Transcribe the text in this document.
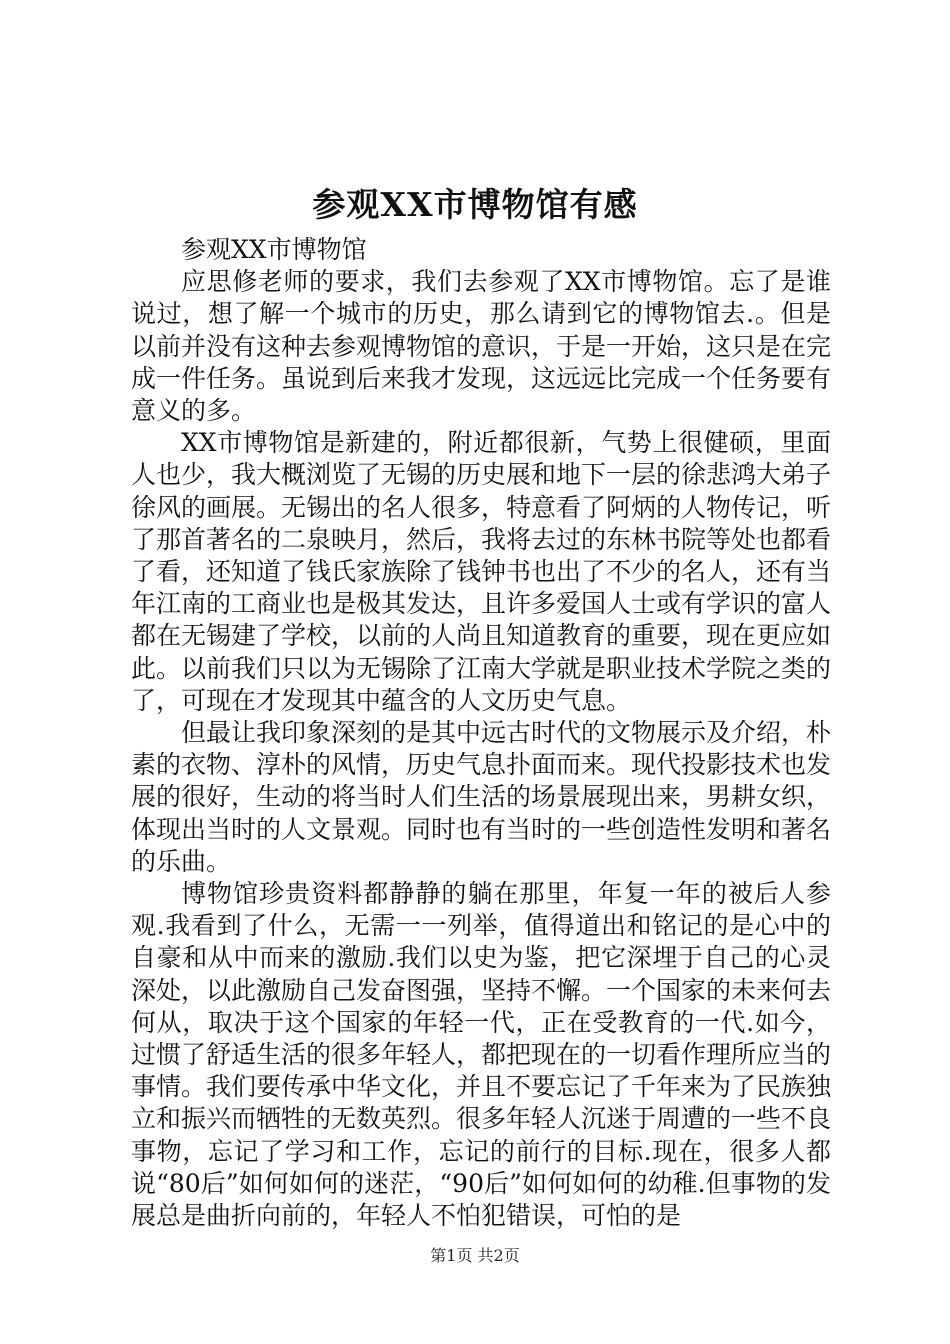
参观XX市博物馆有感

参观XX市博物馆

应思修老师的要求，我们去参观了XX市博物馆。忘了是谁说过，想了解一个城市的历史，那么请到它的博物馆去.。但是以前并没有这种去参观博物馆的意识，于是一开始，这只是在完成一件任务。虽说到后来我才发现，这远远比完成一个任务要有意义的多。

XX市博物馆是新建的，附近都很新，气势上很健硕，里面人也少，我大概浏览了无锡的历史展和地下一层的徐悲鸿大弟子徐风的画展。无锡出的名人很多，特意看了阿炳的人物传记，听了那首著名的二泉映月，然后，我将去过的东林书院等处也都看了看，还知道了钱氏家族除了钱钟书也出了不少的名人，还有当年江南的工商业也是极其发达，且许多爱国人士或有学识的富人都在无锡建了学校，以前的人尚且知道教育的重要，现在更应如此。以前我们只以为无锡除了江南大学就是职业技术学院之类的了，可现在才发现其中蕴含的人文历史气息。

但最让我印象深刻的是其中远古时代的文物展示及介绍，朴素的衣物、淳朴的风情，历史气息扑面而来。现代投影技术也发展的很好，生动的将当时人们生活的场景展现出来，男耕女织，体现出当时的人文景观。同时也有当时的一些创造性发明和著名的乐曲。

博物馆珍贵资料都静静的躺在那里，年复一年的被后人参观.我看到了什么，无需一一列举，值得道出和铭记的是心中的自豪和从中而来的激励.我们以史为鉴，把它深埋于自己的心灵深处，以此激励自己发奋图强，坚持不懈。一个国家的未来何去何从，取决于这个国家的年轻一代，正在受教育的一代.如今，过惯了舒适生活的很多年轻人，都把现在的一切看作理所应当的事情。我们要传承中华文化，并且不要忘记了千年来为了民族独立和振兴而牺牲的无数英烈。很多年轻人沉迷于周遭的一些不良事物，忘记了学习和工作，忘记的前行的目标.现在，很多人都说“80后”如何如何的迷茫，“90后”如何如何的幼稚.但事物的发展总是曲折向前的，年轻人不怕犯错误，可怕的是

第1页 共2页
